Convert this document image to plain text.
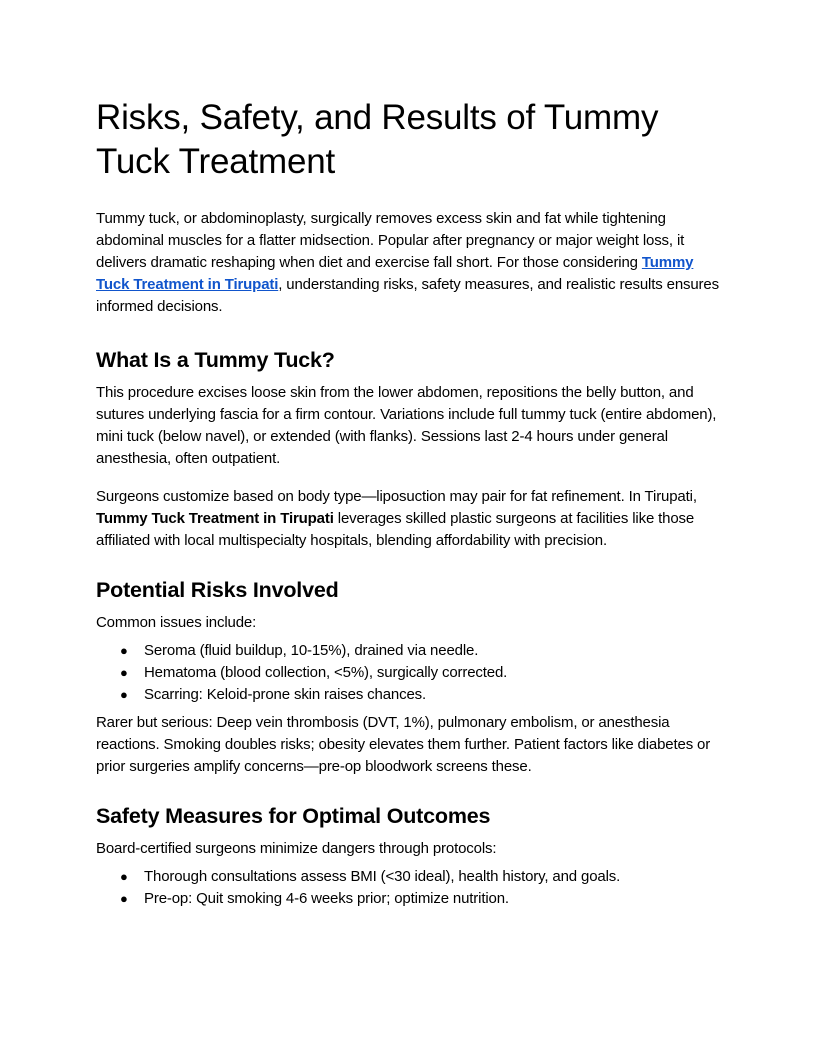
Risks, Safety, and Results of Tummy Tuck Treatment

Tummy tuck, or abdominoplasty, surgically removes excess skin and fat while tightening abdominal muscles for a flatter midsection. Popular after pregnancy or major weight loss, it delivers dramatic reshaping when diet and exercise fall short. For those considering Tummy Tuck Treatment in Tirupati, understanding risks, safety measures, and realistic results ensures informed decisions.

What Is a Tummy Tuck?

This procedure excises loose skin from the lower abdomen, repositions the belly button, and sutures underlying fascia for a firm contour. Variations include full tummy tuck (entire abdomen), mini tuck (below navel), or extended (with flanks). Sessions last 2-4 hours under general anesthesia, often outpatient.

Surgeons customize based on body type—liposuction may pair for fat refinement. In Tirupati, Tummy Tuck Treatment in Tirupati leverages skilled plastic surgeons at facilities like those affiliated with local multispecialty hospitals, blending affordability with precision.

Potential Risks Involved

Common issues include:

● Seroma (fluid buildup, 10-15%), drained via needle.
● Hematoma (blood collection, <5%), surgically corrected.
● Scarring: Keloid-prone skin raises chances.

Rarer but serious: Deep vein thrombosis (DVT, 1%), pulmonary embolism, or anesthesia reactions. Smoking doubles risks; obesity elevates them further. Patient factors like diabetes or prior surgeries amplify concerns—pre-op bloodwork screens these.

Safety Measures for Optimal Outcomes

Board-certified surgeons minimize dangers through protocols:

● Thorough consultations assess BMI (<30 ideal), health history, and goals.
● Pre-op: Quit smoking 4-6 weeks prior; optimize nutrition.
